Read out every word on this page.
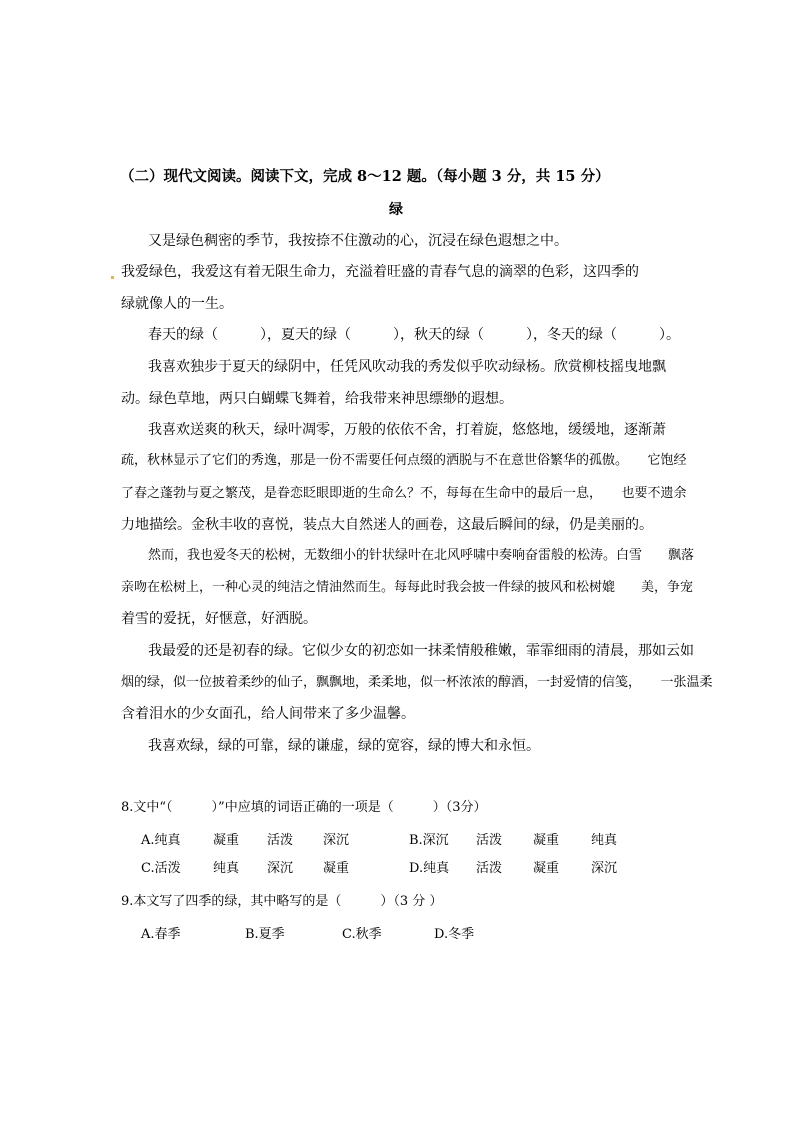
（二）现代文阅读。阅读下文，完成 8～12 题。（每小题 3 分，共 15 分）
绿
又是绿色稠密的季节，我按捺不住激动的心，沉浸在绿色遐想之中。
我爱绿色，我爱这有着无限生命力，充溢着旺盛的青春气息的滴翠的色彩，这四季的
绿就像人的一生。
春天的绿（　　　），夏天的绿（　　　），秋天的绿（　　　），冬天的绿（　　　）。
我喜欢独步于夏天的绿阴中，任凭风吹动我的秀发似乎吹动绿杨。欣赏柳枝摇曳地飘
动。绿色草地，两只白蝴蝶飞舞着，给我带来神思缥缈的遐想。
我喜欢送爽的秋天，绿叶凋零，万般的依依不舍，打着旋，悠悠地，缓缓地，逐渐萧
疏，秋林显示了它们的秀逸，那是一份不需要任何点缀的洒脱与不在意世俗繁华的孤傲。　　它饱经
了春之蓬勃与夏之繁茂，是眷恋眨眼即逝的生命么？不，每每在生命中的最后一息，　　也要不遗余
力地描绘。金秋丰收的喜悦，装点大自然迷人的画卷，这最后瞬间的绿，仍是美丽的。
然而，我也爱冬天的松树，无数细小的针状绿叶在北风呼啸中奏响奋雷般的松涛。白雪　　飘落
亲吻在松树上，一种心灵的纯洁之情油然而生。每每此时我会披一件绿的披风和松树媲　　美，争宠
着雪的爱抚，好惬意，好洒脱。
我最爱的还是初春的绿。它似少女的初恋如一抹柔情般稚嫩，霏霏细雨的清晨，那如云如
烟的绿，似一位披着柔纱的仙子，飘飘地，柔柔地，似一杯浓浓的醇酒，一封爱情的信笺，　　一张温柔
含着泪水的少女面孔，给人间带来了多少温馨。
我喜欢绿，绿的可靠，绿的谦虚，绿的宽容，绿的博大和永恒。
8.文中“（　　　）”中应填的词语正确的一项是（　　　）（3分）
A.纯真 凝重 活泼 深沉	B.深沉 活泼 凝重 纯真
C.活泼 纯真 深沉 凝重	D.纯真 活泼 凝重 深沉
9.本文写了四季的绿，其中略写的是（　　　）（3 分 ）
A.春季	B.夏季	C.秋季	D.冬季
